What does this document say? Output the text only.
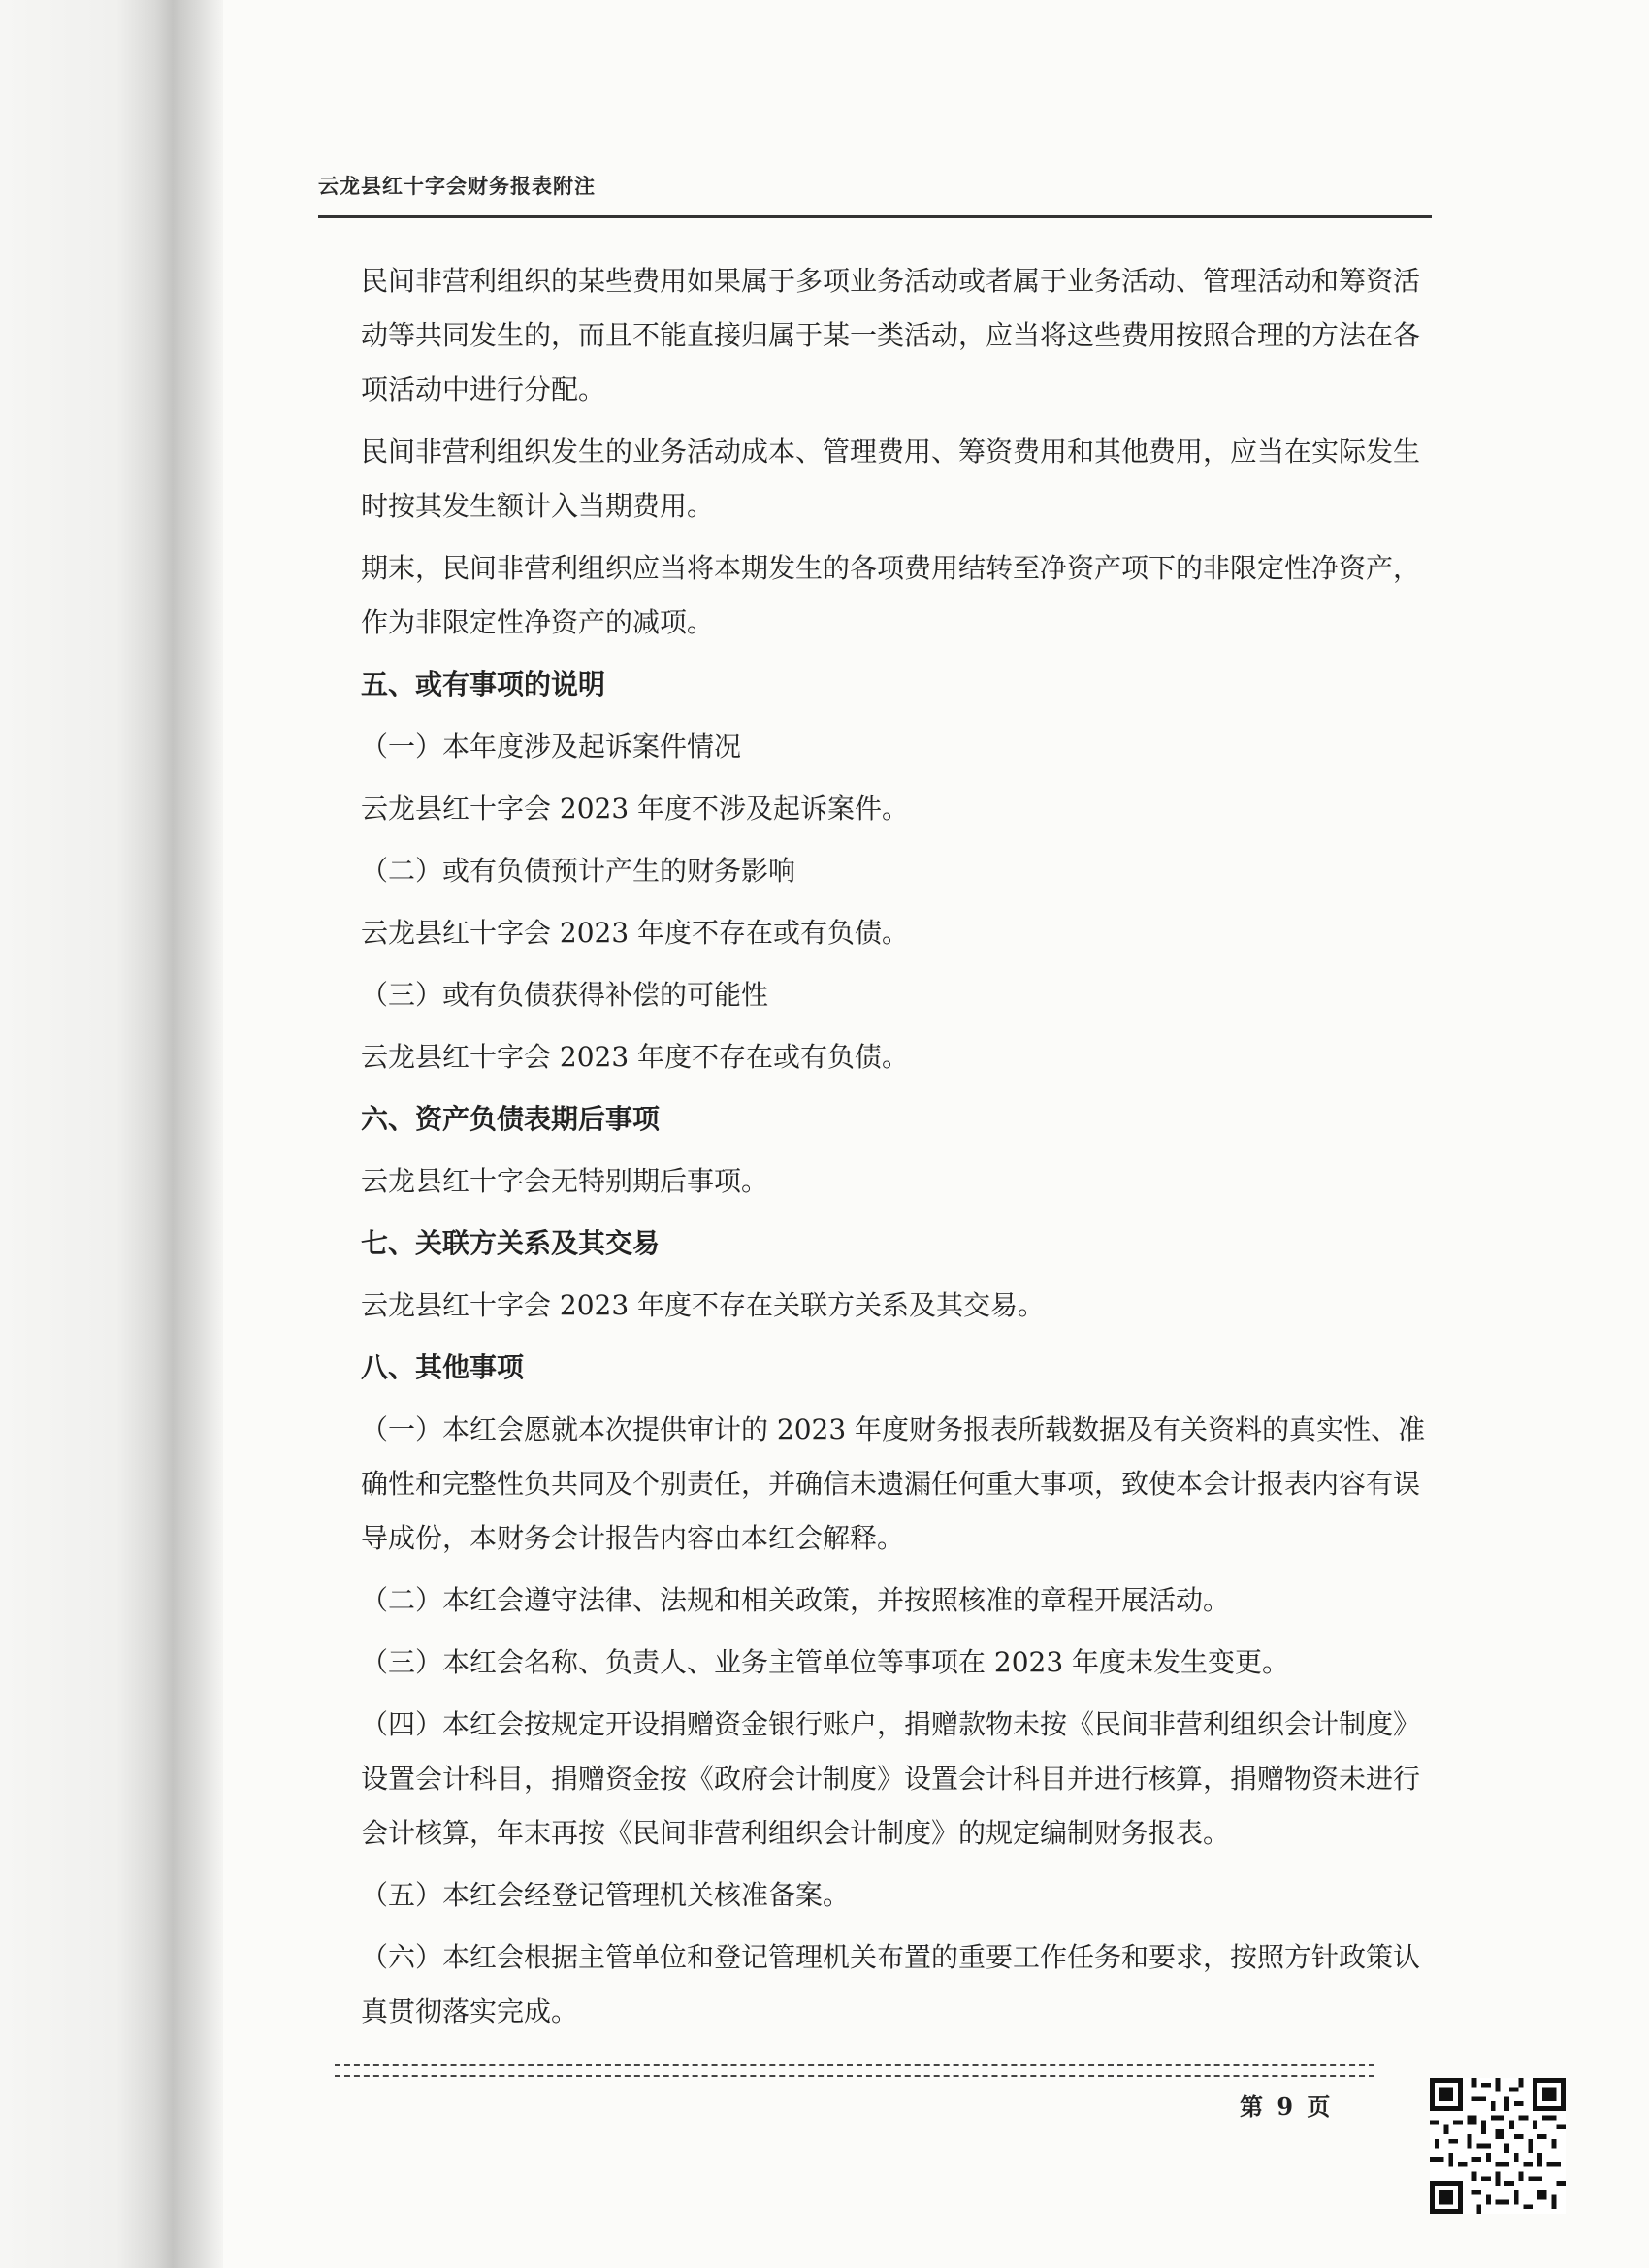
云龙县红十字会财务报表附注

民间非营利组织的某些费用如果属于多项业务活动或者属于业务活动、管理活动和筹资活动等共同发生的，而且不能直接归属于某一类活动，应当将这些费用按照合理的方法在各项活动中进行分配。

民间非营利组织发生的业务活动成本、管理费用、筹资费用和其他费用，应当在实际发生时按其发生额计入当期费用。

期末，民间非营利组织应当将本期发生的各项费用结转至净资产项下的非限定性净资产，作为非限定性净资产的减项。

五、或有事项的说明

（一）本年度涉及起诉案件情况

云龙县红十字会 2023 年度不涉及起诉案件。

（二）或有负债预计产生的财务影响

云龙县红十字会 2023 年度不存在或有负债。

（三）或有负债获得补偿的可能性

云龙县红十字会 2023 年度不存在或有负债。

六、资产负债表期后事项

云龙县红十字会无特别期后事项。

七、关联方关系及其交易

云龙县红十字会 2023 年度不存在关联方关系及其交易。

八、其他事项

（一）本红会愿就本次提供审计的 2023 年度财务报表所载数据及有关资料的真实性、准确性和完整性负共同及个别责任，并确信未遗漏任何重大事项，致使本会计报表内容有误导成份，本财务会计报告内容由本红会解释。

（二）本红会遵守法律、法规和相关政策，并按照核准的章程开展活动。

（三）本红会名称、负责人、业务主管单位等事项在 2023 年度未发生变更。

（四）本红会按规定开设捐赠资金银行账户，捐赠款物未按《民间非营利组织会计制度》设置会计科目，捐赠资金按《政府会计制度》设置会计科目并进行核算，捐赠物资未进行会计核算，年末再按《民间非营利组织会计制度》的规定编制财务报表。

（五）本红会经登记管理机关核准备案。

（六）本红会根据主管单位和登记管理机关布置的重要工作任务和要求，按照方针政策认真贯彻落实完成。

第 9 页
